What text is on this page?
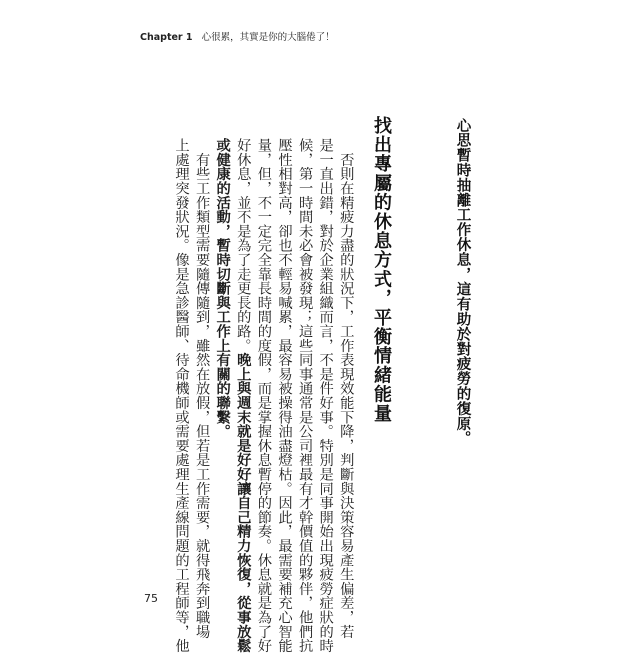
Chapter 1 心很累，其實是你的大腦倦了！
心思暫時抽離工作休息，這有助於對疲勞的復原。
找出專屬的休息方式，平衡情緒能量
　否則在精疲力盡的狀況下，工作表現效能下降，判斷與決策容易產生偏差，若
是一直出錯，對於企業組織而言，不是件好事。特別是同事開始出現疲勞症狀的時
候，第一時間未必會被發現；這些同事通常是公司裡最有才幹價值的夥伴，他們抗
壓性相對高，卻也不輕易喊累，最容易被操得油盡燈枯。因此，最需要補充心智能
量，但，不一定完全靠長時間的度假，而是掌握休息暫停的節奏。休息就是為了好
好休息，並不是為了走更長的路。晚上與週末就是好好讓自己精力恢復，從事放鬆
或健康的活動，暫時切斷與工作上有關的聯繫。
　有些工作類型需要隨傳隨到，雖然在放假，但若是工作需要，就得飛奔到職場
上處理突發狀況。像是急診醫師、待命機師或需要處理生產線問題的工程師等，他
75
